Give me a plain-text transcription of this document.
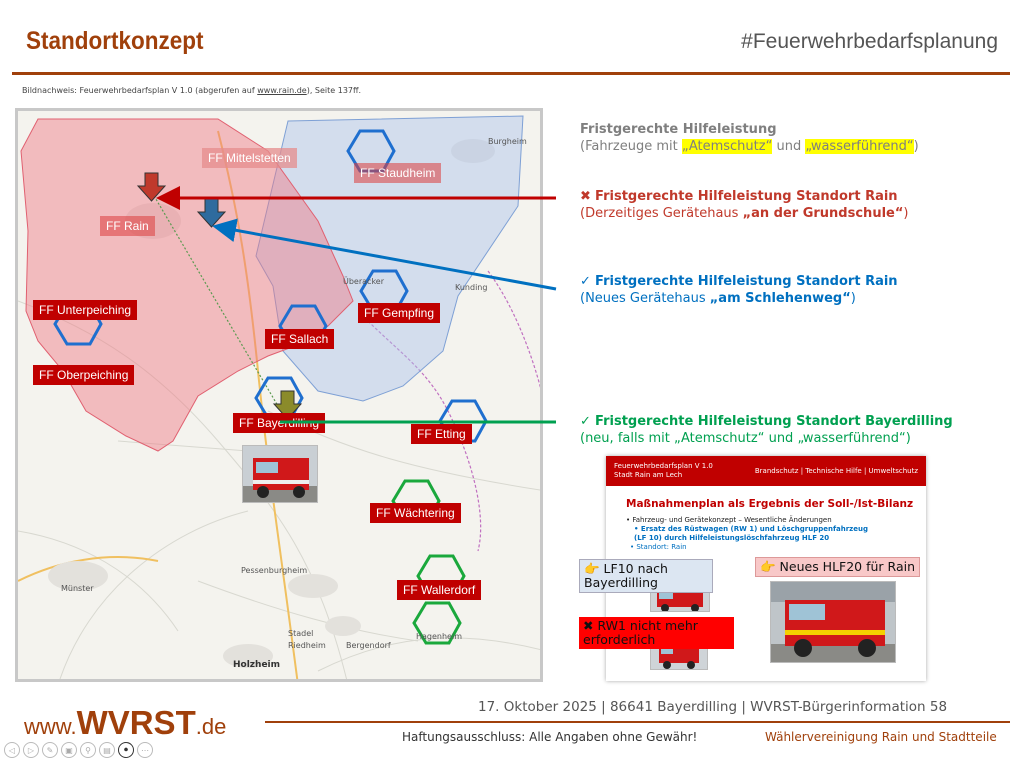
Standortkonzept	#Feuerwehrbedarfsplanung
Bildnachweis: Feuerwehrbedarfsplan V 1.0 (abgerufen auf www.rain.de), Seite 137ff.
FF Mittelstetten
FF Staudheim
FF Rain
FF Unterpeiching
FF Oberpeiching
FF Sallach
FF Gempfing
FF Bayerdilling
FF Etting
FF Wächtering
FF Wallerdorf
Burgheim
Überacker
Kunding
Münster
Pessenburgheim
Stadel
Riedheim	Bergendorf
Hagenheim
Holzheim
Fristgerechte Hilfeleistung
(Fahrzeuge mit „Atemschutz“ und „wasserführend“)
✖ Fristgerechte Hilfeleistung Standort Rain
(Derzeitiges Gerätehaus „an der Grundschule“)
✓ Fristgerechte Hilfeleistung Standort Rain
(Neues Gerätehaus „am Schlehenweg“)
✓ Fristgerechte Hilfeleistung Standort Bayerdilling
(neu, falls mit „Atemschutz“ und „wasserführend“)
Feuerwehrbedarfsplan V 1.0
Stadt Rain am Lech	Brandschutz | Technische Hilfe | Umweltschutz
Maßnahmenplan als Ergebnis der Soll-/Ist-Bilanz
• Fahrzeug- und Gerätekonzept – Wesentliche Änderungen
• Ersatz des Rüstwagen (RW 1) und Löschgruppenfahrzeug
(LF 10) durch Hilfeleistungslöschfahrzeug HLF 20
• Standort: Rain
👉 LF10 nach Bayerdilling
👉 Neues HLF20 für Rain
✖ RW1 nicht mehr erforderlich
17. Oktober 2025 | 86641 Bayerdilling | WVRST-Bürgerinformation 58
www.WVRST.de	Haftungsausschluss: Alle Angaben ohne Gewähr!	Wählervereinigung Rain und Stadtteile
◁	▷	✎	▣	⚲	▤	⏺	⋯
